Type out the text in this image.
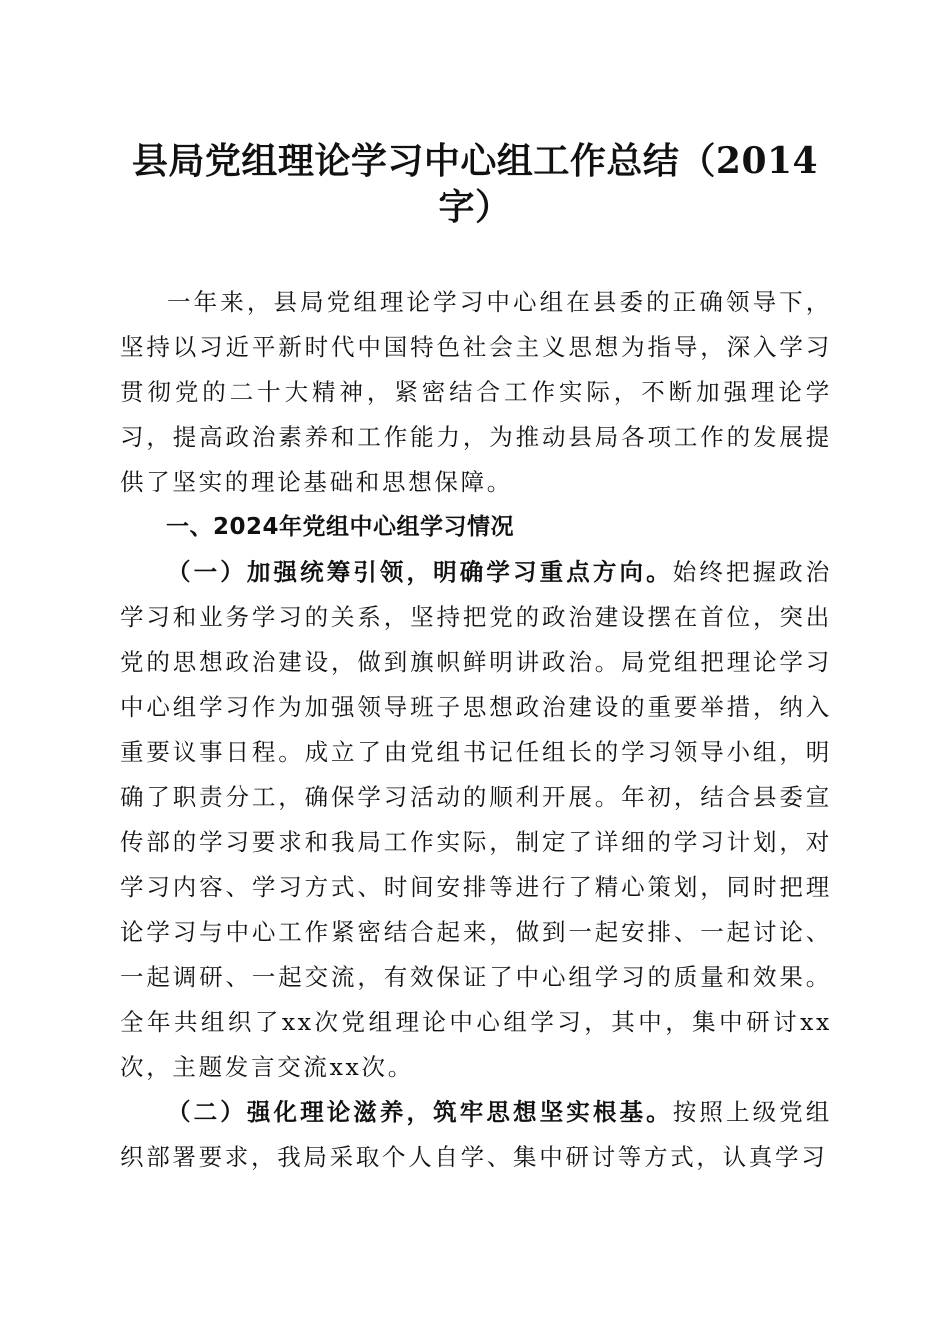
县局党组理论学习中心组工作总结（2014
字）

一年来，县局党组理论学习中心组在县委的正确领导下，坚持以习近平新时代中国特色社会主义思想为指导，深入学习贯彻党的二十大精神，紧密结合工作实际，不断加强理论学习，提高政治素养和工作能力，为推动县局各项工作的发展提供了坚实的理论基础和思想保障。

一、2024年党组中心组学习情况

（一）加强统筹引领，明确学习重点方向。始终把握政治学习和业务学习的关系，坚持把党的政治建设摆在首位，突出党的思想政治建设，做到旗帜鲜明讲政治。局党组把理论学习中心组学习作为加强领导班子思想政治建设的重要举措，纳入重要议事日程。成立了由党组书记任组长的学习领导小组，明确了职责分工，确保学习活动的顺利开展。年初，结合县委宣传部的学习要求和我局工作实际，制定了详细的学习计划，对学习内容、学习方式、时间安排等进行了精心策划，同时把理论学习与中心工作紧密结合起来，做到一起安排、一起讨论、一起调研、一起交流，有效保证了中心组学习的质量和效果。全年共组织了xx次党组理论中心组学习，其中，集中研讨xx次，主题发言交流xx次。

（二）强化理论滋养，筑牢思想坚实根基。按照上级党组织部署要求，我局采取个人自学、集中研讨等方式，认真学习
